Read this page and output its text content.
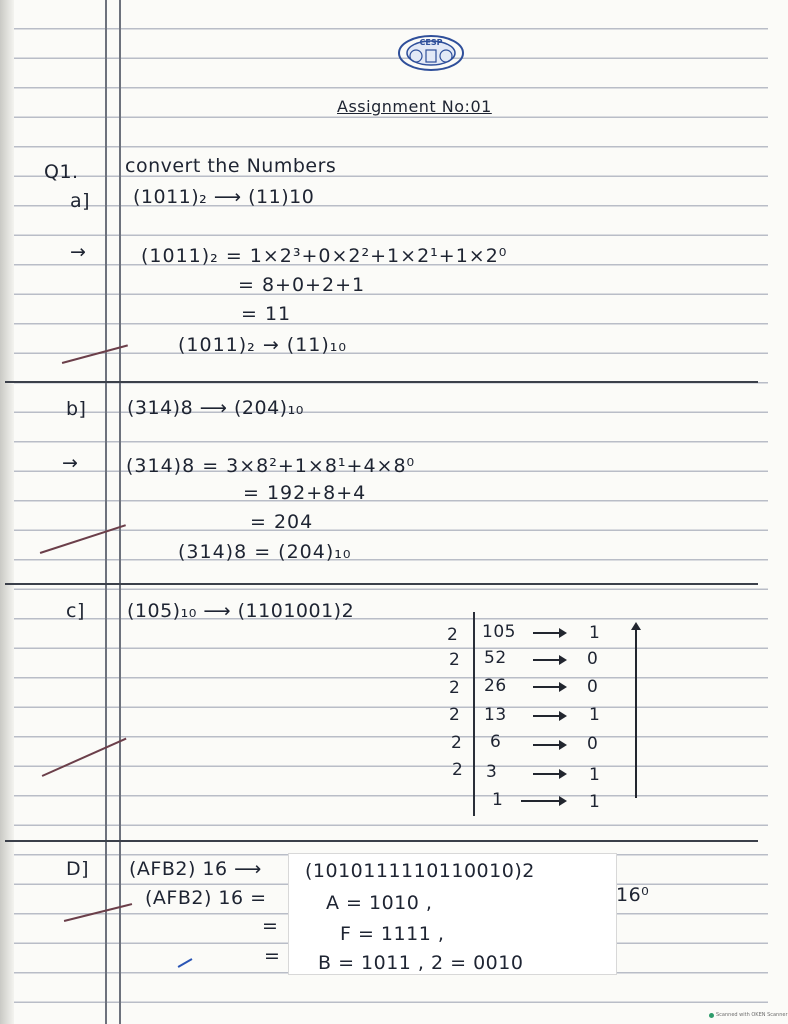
CESP
Assignment No:01
Q1. convert the Numbers
a] (1011)₂ ⟶ (11)10
→	(1011)₂ = 1×2³+0×2²+1×2¹+1×2⁰
= 8+0+2+1
= 11
(1011)₂ → (11)₁₀
b] (314)8 ⟶ (204)₁₀
→	(314)8 = 3×8²+1×8¹+4×8⁰
= 192+8+4
= 204
(314)8 = (204)₁₀
c] (105)₁₀ ⟶ (1101001)2
2 105	1
2 52	0
2 26	0
2 13	1
2 6	0
2 3	1
1	1
D] (AFB2) 16 ⟶ (1010111110110010)2
(AFB2) 16 =	A = 1010 ,
=	F = 1111 ,
= B = 1011 , 2 = 0010
16⁰
Scanned with OKEN Scanner
